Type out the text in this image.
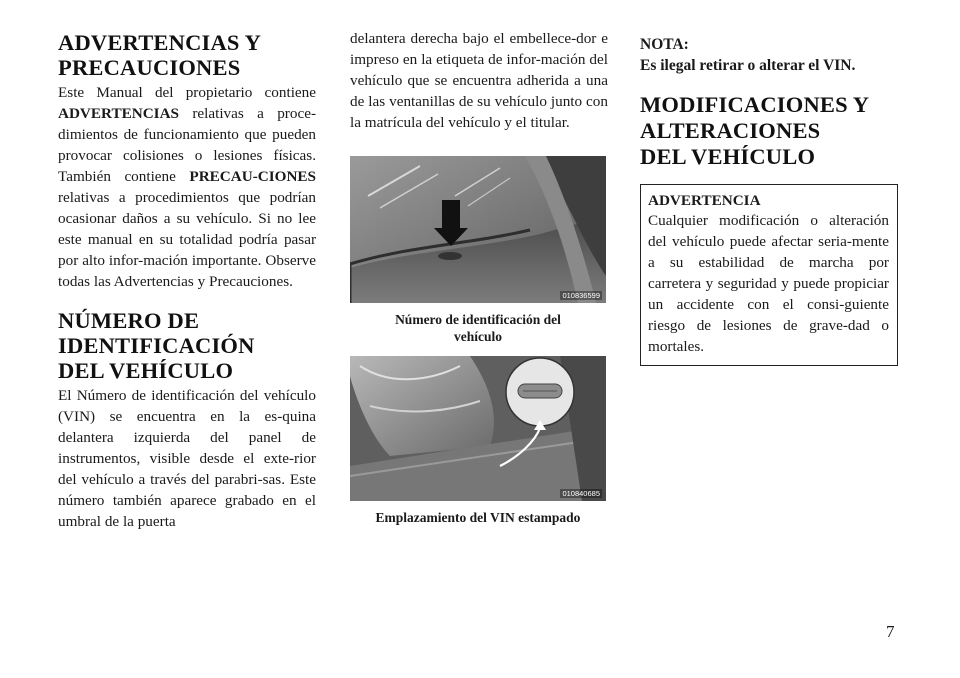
ADVERTENCIAS Y PRECAUCIONES

Este Manual del propietario contiene ADVERTENCIAS relativas a proce-dimientos de funcionamiento que pueden provocar colisiones o lesiones físicas. También contiene PRECAU-CIONES relativas a procedimientos que podrían ocasionar daños a su vehículo. Si no lee este manual en su totalidad podría pasar por alto infor-mación importante. Observe todas las Advertencias y Precauciones.

NÚMERO DE IDENTIFICACIÓN DEL VEHÍCULO

El Número de identificación del vehículo (VIN) se encuentra en la es-quina delantera izquierda del panel de instrumentos, visible desde el exte-rior del vehículo a través del parabri-sas. Este número también aparece grabado en el umbral de la puerta

delantera derecha bajo el embellece-dor e impreso en la etiqueta de infor-mación del vehículo que se encuentra adherida a una de las ventanillas de su vehículo junto con la matrícula del vehículo y el titular.

010836599
Número de identificación del vehículo
010840685
Emplazamiento del VIN estampado

NOTA:

Es ilegal retirar o alterar el VIN.

MODIFICACIONES Y ALTERACIONES DEL VEHÍCULO

ADVERTENCIA

Cualquier modificación o alteración del vehículo puede afectar seria-mente a su estabilidad de marcha por carretera y seguridad y puede propiciar un accidente con el consi-guiente riesgo de lesiones de grave-dad o mortales.

7
